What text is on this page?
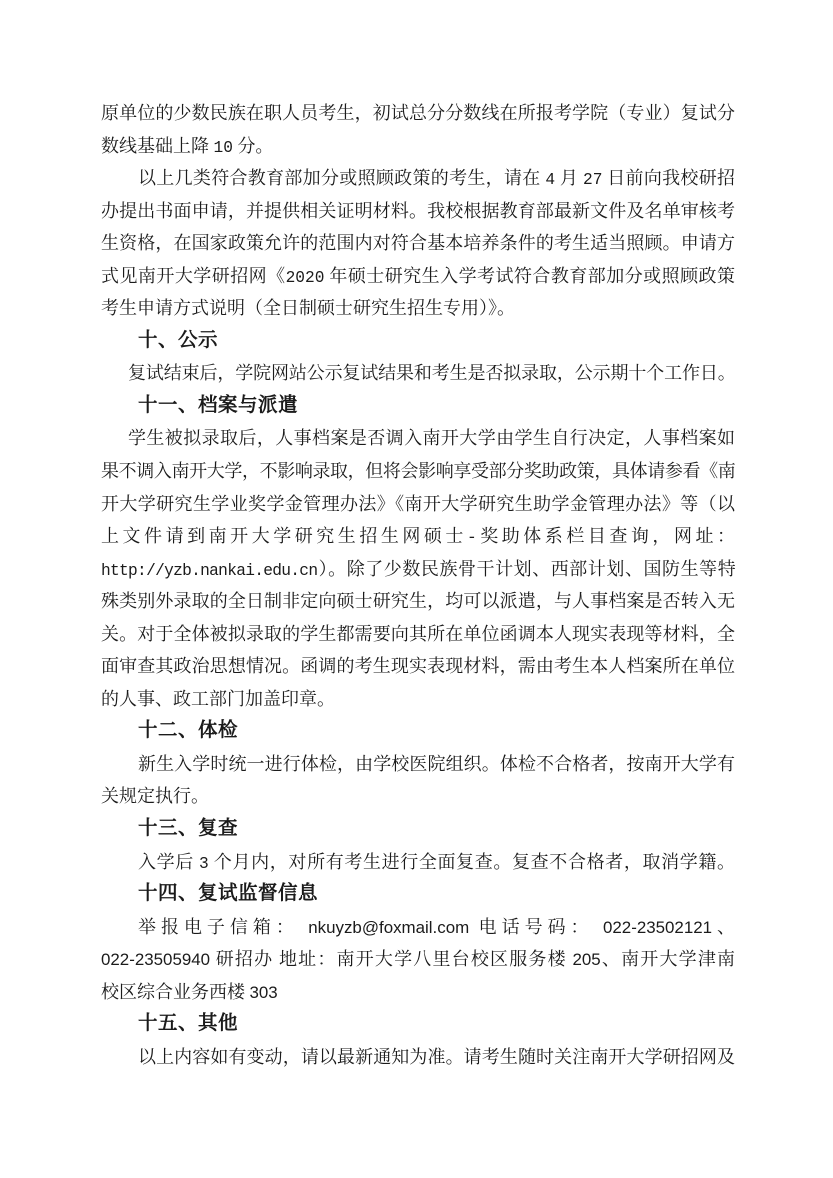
原单位的少数民族在职人员考生，初试总分分数线在所报考学院（专业）复试分
数线基础上降 10 分。
以上几类符合教育部加分或照顾政策的考生，请在 4 月 27 日前向我校研招
办提出书面申请，并提供相关证明材料。我校根据教育部最新文件及名单审核考
生资格，在国家政策允许的范围内对符合基本培养条件的考生适当照顾。申请方
式见南开大学研招网《2020 年硕士研究生入学考试符合教育部加分或照顾政策
考生申请方式说明（全日制硕士研究生招生专用）》。
十、公示
复试结束后，学院网站公示复试结果和考生是否拟录取，公示期十个工作日。
十一、档案与派遣
学生被拟录取后，人事档案是否调入南开大学由学生自行决定，人事档案如
果不调入南开大学，不影响录取，但将会影响享受部分奖助政策，具体请参看《南
开大学研究生学业奖学金管理办法》《南开大学研究生助学金管理办法》等（以
上文件请到南开大学研究生招生网硕士-奖助体系栏目查询，网址：
http://yzb.nankai.edu.cn）。除了少数民族骨干计划、西部计划、国防生等特
殊类别外录取的全日制非定向硕士研究生，均可以派遣，与人事档案是否转入无
关。对于全体被拟录取的学生都需要向其所在单位函调本人现实表现等材料，全
面审查其政治思想情况。函调的考生现实表现材料，需由考生本人档案所在单位
的人事、政工部门加盖印章。
十二、体检
新生入学时统一进行体检，由学校医院组织。体检不合格者，按南开大学有
关规定执行。
十三、复查
入学后 3 个月内，对所有考生进行全面复查。复查不合格者，取消学籍。
十四、复试监督信息
举报电子信箱： nkuyzb@foxmail.com 电话号码： 022-23502121、
022-23505940 研招办 地址：南开大学八里台校区服务楼 205、南开大学津南
校区综合业务西楼 303
十五、其他
以上内容如有变动，请以最新通知为准。请考生随时关注南开大学研招网及
